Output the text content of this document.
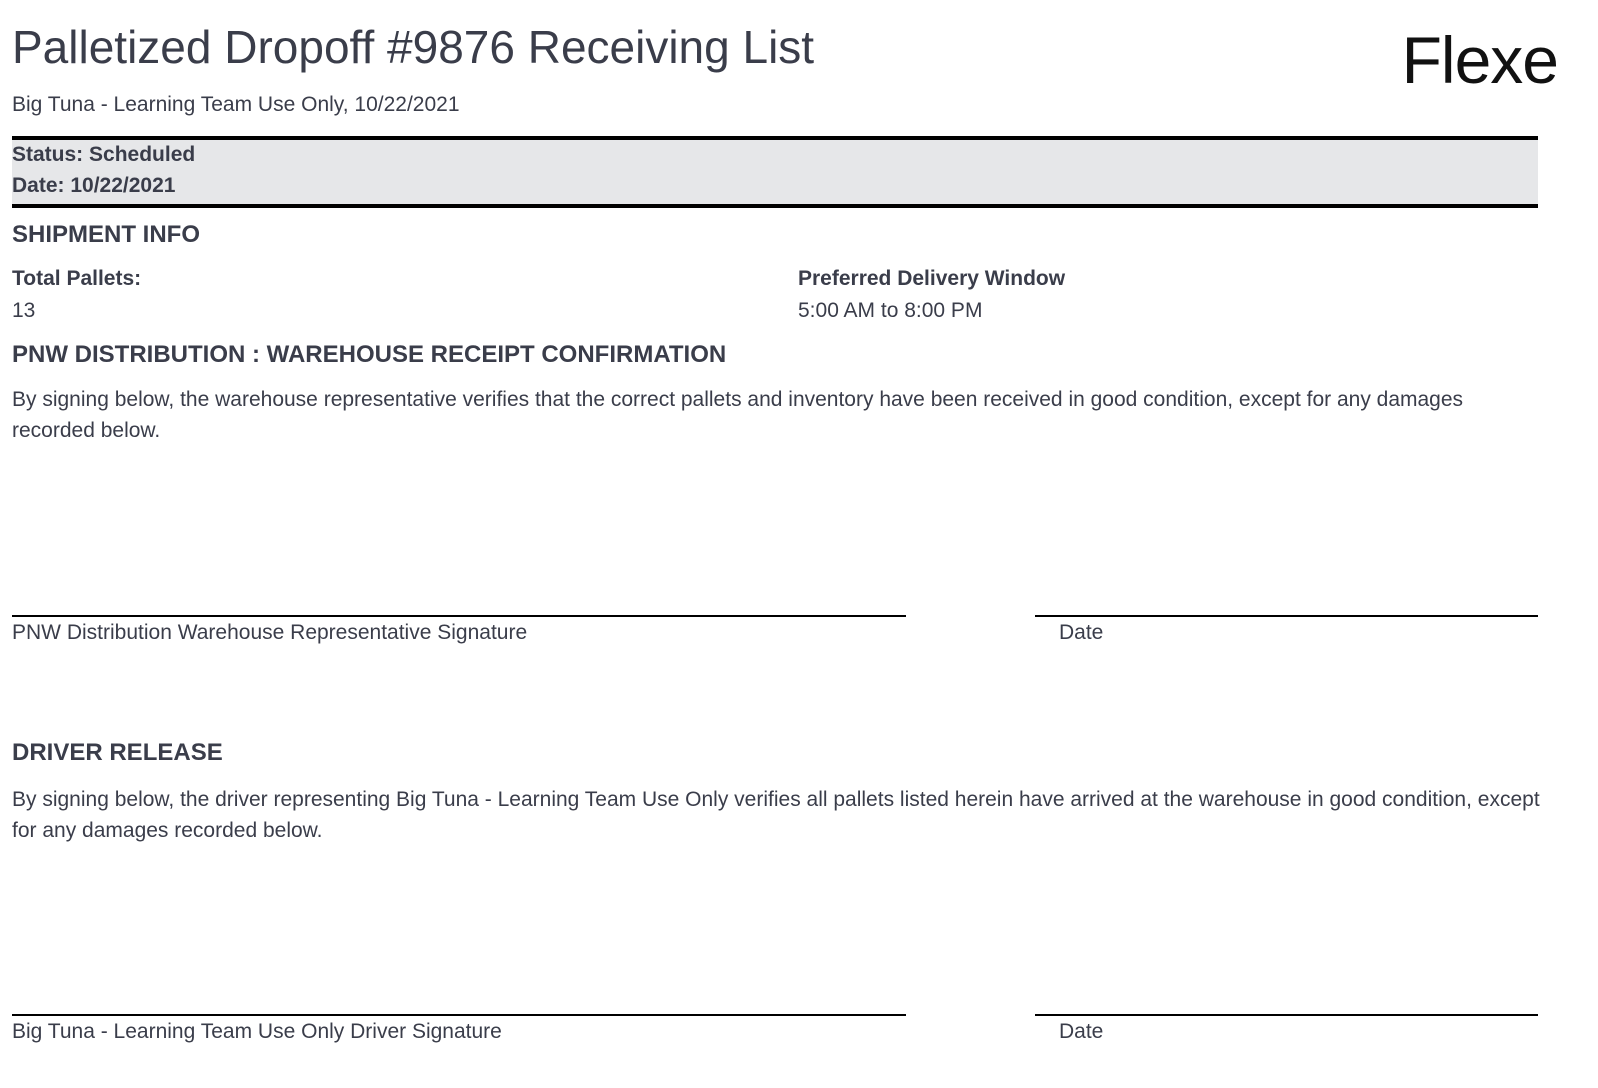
Palletized Dropoff #9876 Receiving List
Big Tuna - Learning Team Use Only, 10/22/2021
Flexe
Status: Scheduled
Date: 10/22/2021
SHIPMENT INFO
Total Pallets:
13
Preferred Delivery Window
5:00 AM to 8:00 PM
PNW DISTRIBUTION : WAREHOUSE RECEIPT CONFIRMATION

By signing below, the warehouse representative verifies that the correct pallets and inventory have been received in good condition, except for any damages recorded below.

PNW Distribution Warehouse Representative Signature	Date
DRIVER RELEASE

By signing below, the driver representing Big Tuna - Learning Team Use Only verifies all pallets listed herein have arrived at the warehouse in good condition, except for any damages recorded below.

Big Tuna - Learning Team Use Only Driver Signature	Date
